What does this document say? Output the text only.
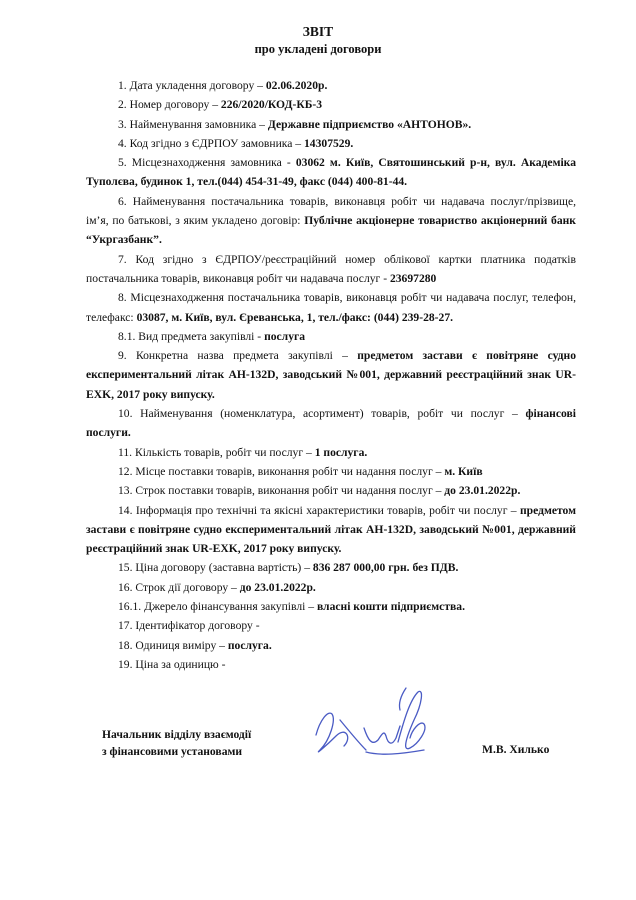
ЗВІТ
про укладені договори

1. Дата укладення договору – 02.06.2020р.

2. Номер договору – 226/2020/КОД-КБ-3

3. Найменування замовника – Державне підприємство «АНТОНОВ».

4. Код згідно з ЄДРПОУ замовника – 14307529.

5. Місцезнаходження замовника - 03062 м. Київ, Святошинський р-н, вул. Академіка Туполєва, будинок 1, тел.(044) 454-31-49, факс (044) 400-81-44.

6. Найменування постачальника товарів, виконавця робіт чи надавача послуг/прізвище, ім’я, по батькові, з яким укладено договір: Публічне акціонерне товариство акціонерний банк “Укргазбанк”.

7. Код згідно з ЄДРПОУ/реєстраційний номер облікової картки платника податків постачальника товарів, виконавця робіт чи надавача послуг - 23697280

8. Місцезнаходження постачальника товарів, виконавця робіт чи надавача послуг, телефон, телефакс: 03087, м. Київ, вул. Єреванська, 1, тел./факс: (044) 239-28-27.

8.1. Вид предмета закупівлі - послуга

9. Конкретна назва предмета закупівлі – предметом застави є повітряне судно експериментальний літак АН-132D, заводський №001, державний реєстраційний знак UR-EXK, 2017 року випуску.

10. Найменування (номенклатура, асортимент) товарів, робіт чи послуг – фінансові послуги.

11. Кількість товарів, робіт чи послуг – 1 послуга.

12. Місце поставки товарів, виконання робіт чи надання послуг – м. Київ

13. Строк поставки товарів, виконання робіт чи надання послуг – до 23.01.2022р.

14. Інформація про технічні та якісні характеристики товарів, робіт чи послуг – предметом застави є повітряне судно експериментальний літак АН-132D, заводський №001, державний реєстраційний знак UR-EXK, 2017 року випуску.

15. Ціна договору (заставна вартість) – 836 287 000,00 грн. без ПДВ.

16. Строк дії договору – до 23.01.2022р.

16.1. Джерело фінансування закупівлі – власні кошти підприємства.

17. Ідентифікатор договору -

18. Одиниця виміру – послуга.

19. Ціна за одиницю -

Начальник відділу взаємодії
з фінансовими установами	М.В. Хилько
